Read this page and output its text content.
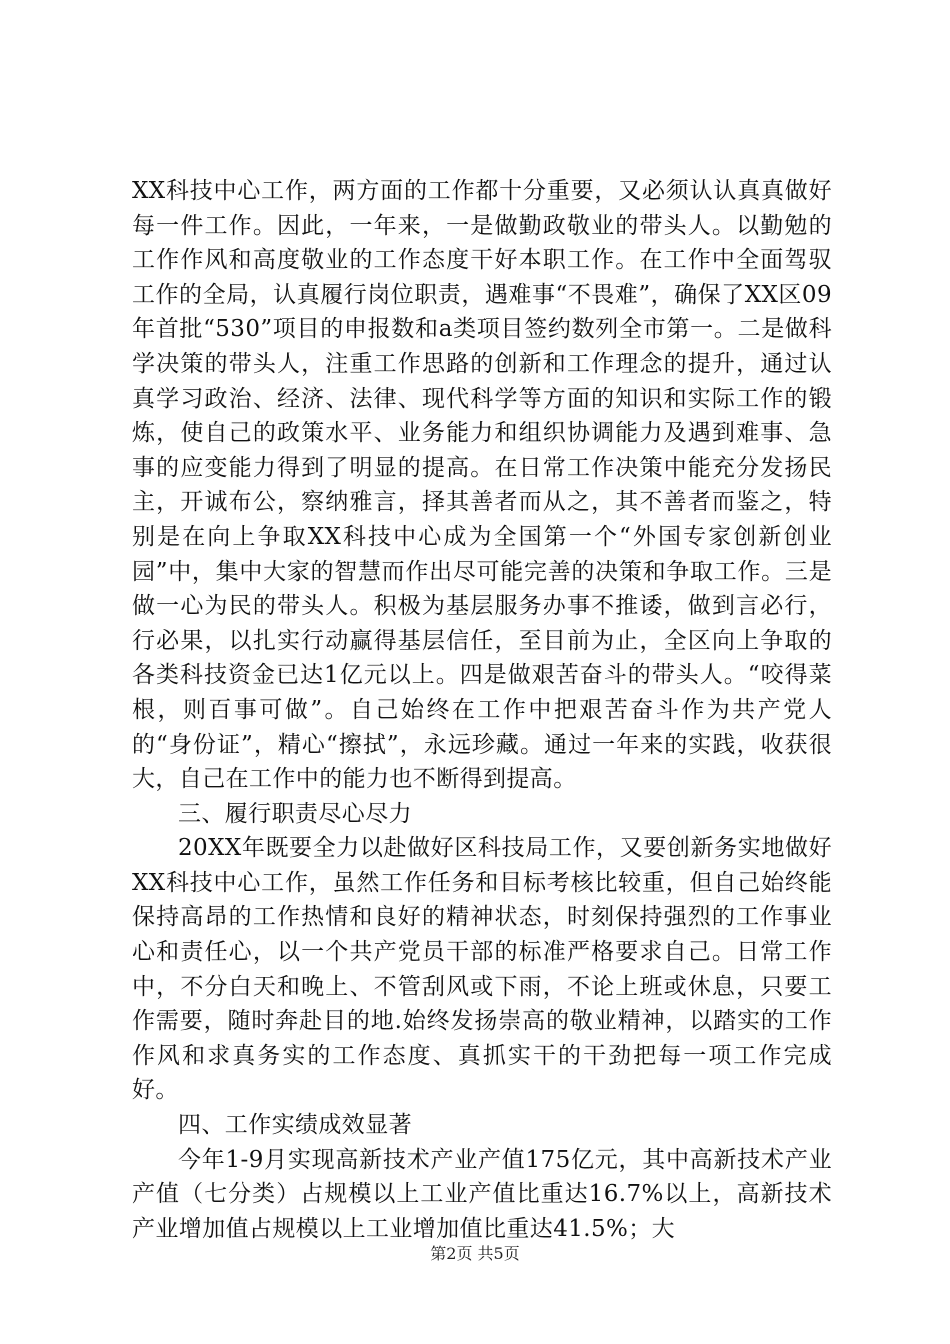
XX科技中心工作，两方面的工作都十分重要，又必须认认真真做好每一件工作。因此，一年来，一是做勤政敬业的带头人。以勤勉的工作作风和高度敬业的工作态度干好本职工作。在工作中全面驾驭工作的全局，认真履行岗位职责，遇难事“不畏难”，确保了XX区09年首批“530”项目的申报数和a类项目签约数列全市第一。二是做科学决策的带头人，注重工作思路的创新和工作理念的提升，通过认真学习政治、经济、法律、现代科学等方面的知识和实际工作的锻炼，使自己的政策水平、业务能力和组织协调能力及遇到难事、急事的应变能力得到了明显的提高。在日常工作决策中能充分发扬民主，开诚布公，察纳雅言，择其善者而从之，其不善者而鉴之，特别是在向上争取XX科技中心成为全国第一个“外国专家创新创业园”中，集中大家的智慧而作出尽可能完善的决策和争取工作。三是做一心为民的带头人。积极为基层服务办事不推诿，做到言必行，行必果，以扎实行动赢得基层信任，至目前为止，全区向上争取的各类科技资金已达1亿元以上。四是做艰苦奋斗的带头人。“咬得菜根，则百事可做”。自己始终在工作中把艰苦奋斗作为共产党人的“身份证”，精心“擦拭”，永远珍藏。通过一年来的实践，收获很大，自己在工作中的能力也不断得到提高。

三、履行职责尽心尽力

20XX年既要全力以赴做好区科技局工作，又要创新务实地做好XX科技中心工作，虽然工作任务和目标考核比较重，但自己始终能保持高昂的工作热情和良好的精神状态，时刻保持强烈的工作事业心和责任心，以一个共产党员干部的标准严格要求自己。日常工作中，不分白天和晚上、不管刮风或下雨，不论上班或休息，只要工作需要，随时奔赴目的地.始终发扬崇高的敬业精神，以踏实的工作作风和求真务实的工作态度、真抓实干的干劲把每一项工作完成好。

四、工作实绩成效显著

今年1-9月实现高新技术产业产值175亿元，其中高新技术产业产值（七分类）占规模以上工业产值比重达16.7%以上，高新技术产业增加值占规模以上工业增加值比重达41.5%；大

第2页 共5页
